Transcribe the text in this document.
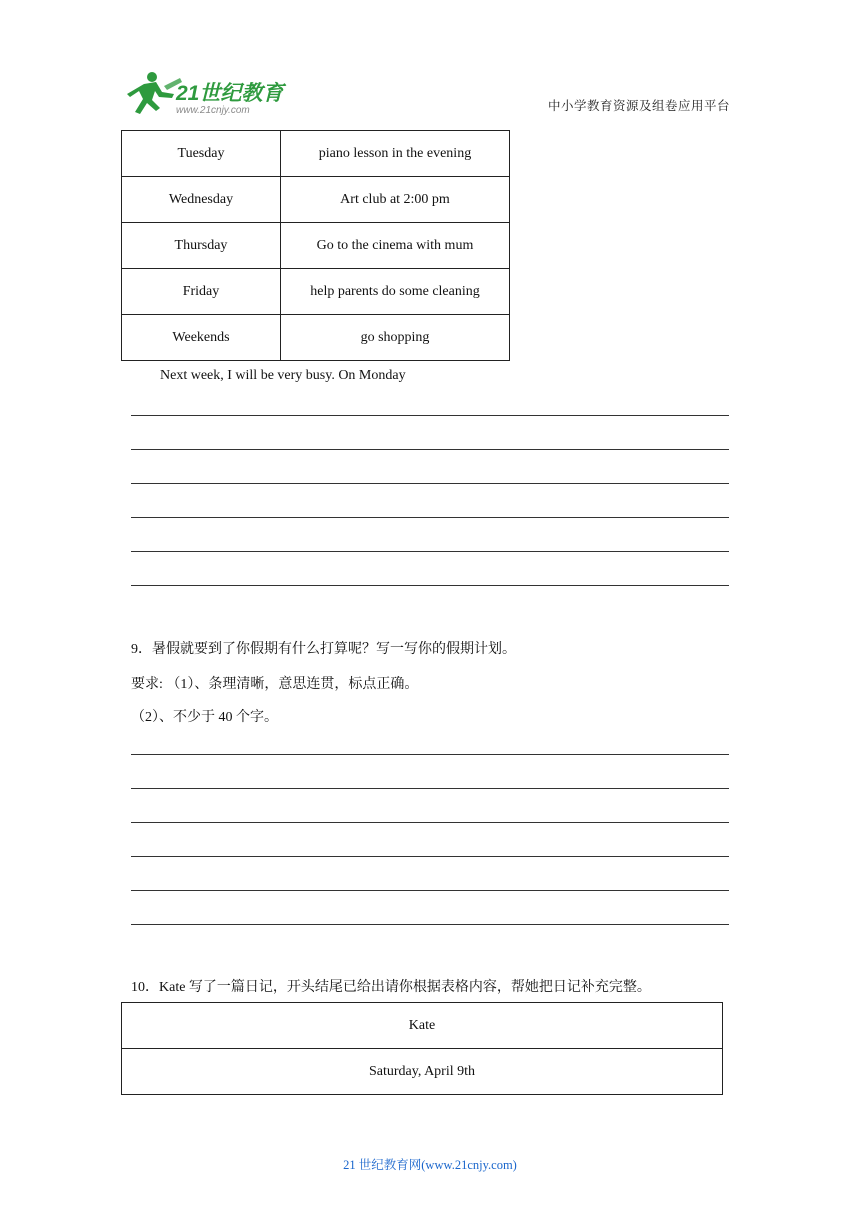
21世纪教育
www.21cnjy.com	中小学教育资源及组卷应用平台
Tuesday	piano lesson in the evening
Wednesday	Art club at 2:00 pm
Thursday	Go to the cinema with mum
Friday	help parents do some cleaning
Weekends	go shopping
Next week, I will be very busy. On Monday
9．暑假就要到了你假期有什么打算呢？写一写你的假期计划。
要求: （1）、条理清晰，意思连贯，标点正确。
（2）、不少于 40 个字。
10．Kate 写了一篇日记，开头结尾已给出请你根据表格内容，帮她把日记补充完整。
Kate
Saturday, April 9th
21 世纪教育网(www.21cnjy.com)
